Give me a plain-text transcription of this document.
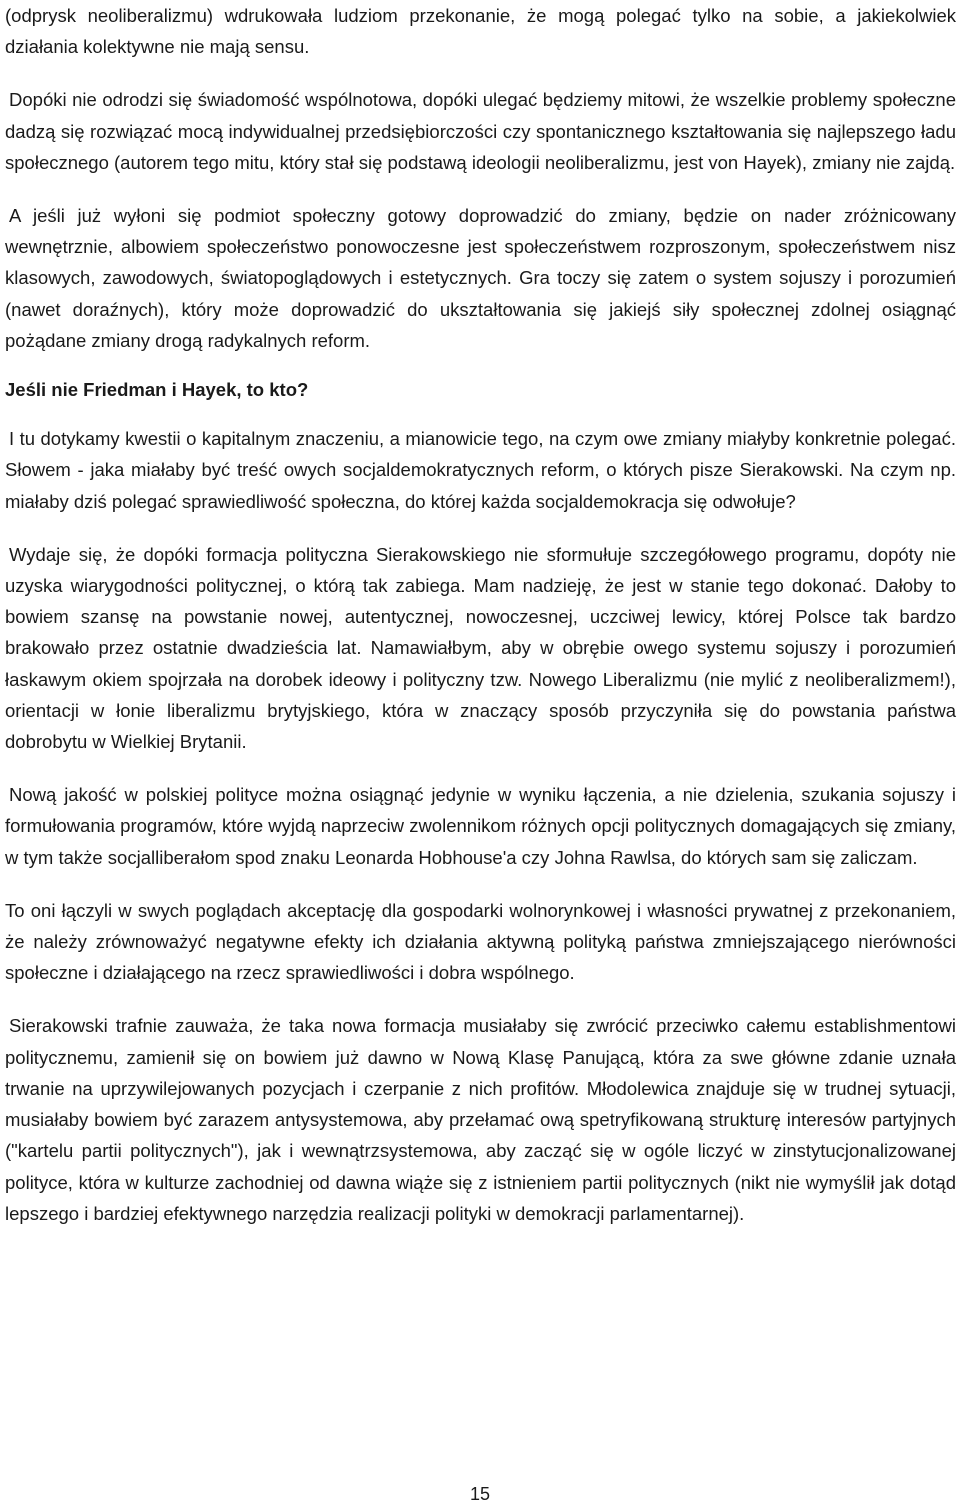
(odprysk neoliberalizmu) wdrukowała ludziom przekonanie, że mogą polegać tylko na sobie, a jakiekolwiek działania kolektywne nie mają sensu.

Dopóki nie odrodzi się świadomość wspólnotowa, dopóki ulegać będziemy mitowi, że wszelkie problemy społeczne dadzą się rozwiązać mocą indywidualnej przedsiębiorczości czy spontanicznego kształtowania się najlepszego ładu społecznego (autorem tego mitu, który stał się podstawą ideologii neoliberalizmu, jest von Hayek), zmiany nie zajdą.

A jeśli już wyłoni się podmiot społeczny gotowy doprowadzić do zmiany, będzie on nader zróżnicowany wewnętrznie, albowiem społeczeństwo ponowoczesne jest społeczeństwem rozproszonym, społeczeństwem nisz klasowych, zawodowych, światopoglądowych i estetycznych. Gra toczy się zatem o system sojuszy i porozumień (nawet doraźnych), który może doprowadzić do ukształtowania się jakiejś siły społecznej zdolnej osiągnąć pożądane zmiany drogą radykalnych reform.

Jeśli nie Friedman i Hayek, to kto?

I tu dotykamy kwestii o kapitalnym znaczeniu, a mianowicie tego, na czym owe zmiany miałyby konkretnie polegać. Słowem - jaka miałaby być treść owych socjaldemokratycznych reform, o których pisze Sierakowski. Na czym np. miałaby dziś polegać sprawiedliwość społeczna, do której każda socjaldemokracja się odwołuje?

Wydaje się, że dopóki formacja polityczna Sierakowskiego nie sformułuje szczegółowego programu, dopóty nie uzyska wiarygodności politycznej, o którą tak zabiega. Mam nadzieję, że jest w stanie tego dokonać. Dałoby to bowiem szansę na powstanie nowej, autentycznej, nowoczesnej, uczciwej lewicy, której Polsce tak bardzo brakowało przez ostatnie dwadzieścia lat. Namawiałbym, aby w obrębie owego systemu sojuszy i porozumień łaskawym okiem spojrzała na dorobek ideowy i polityczny tzw. Nowego Liberalizmu (nie mylić z neoliberalizmem!), orientacji w łonie liberalizmu brytyjskiego, która w znaczący sposób przyczyniła się do powstania państwa dobrobytu w Wielkiej Brytanii.

Nową jakość w polskiej polityce można osiągnąć jedynie w wyniku łączenia, a nie dzielenia, szukania sojuszy i formułowania programów, które wyjdą naprzeciw zwolennikom różnych opcji politycznych domagających się zmiany, w tym także socjalliberałom spod znaku Leonarda Hobhouse'a czy Johna Rawlsa, do których sam się zaliczam.

To oni łączyli w swych poglądach akceptację dla gospodarki wolnorynkowej i własności prywatnej z przekonaniem, że należy zrównoważyć negatywne efekty ich działania aktywną polityką państwa zmniejszającego nierówności społeczne i działającego na rzecz sprawiedliwości i dobra wspólnego.

Sierakowski trafnie zauważa, że taka nowa formacja musiałaby się zwrócić przeciwko całemu establishmentowi politycznemu, zamienił się on bowiem już dawno w Nową Klasę Panującą, która za swe główne zdanie uznała trwanie na uprzywilejowanych pozycjach i czerpanie z nich profitów. Młodolewica znajduje się w trudnej sytuacji, musiałaby bowiem być zarazem antysystemowa, aby przełamać ową spetryfikowaną strukturę interesów partyjnych ("kartelu partii politycznych"), jak i wewnątrzsystemowa, aby zacząć się w ogóle liczyć w zinstytucjonalizowanej polityce, która w kulturze zachodniej od dawna wiąże się z istnieniem partii politycznych (nikt nie wymyślił jak dotąd lepszego i bardziej efektywnego narzędzia realizacji polityki w demokracji parlamentarnej).

15
